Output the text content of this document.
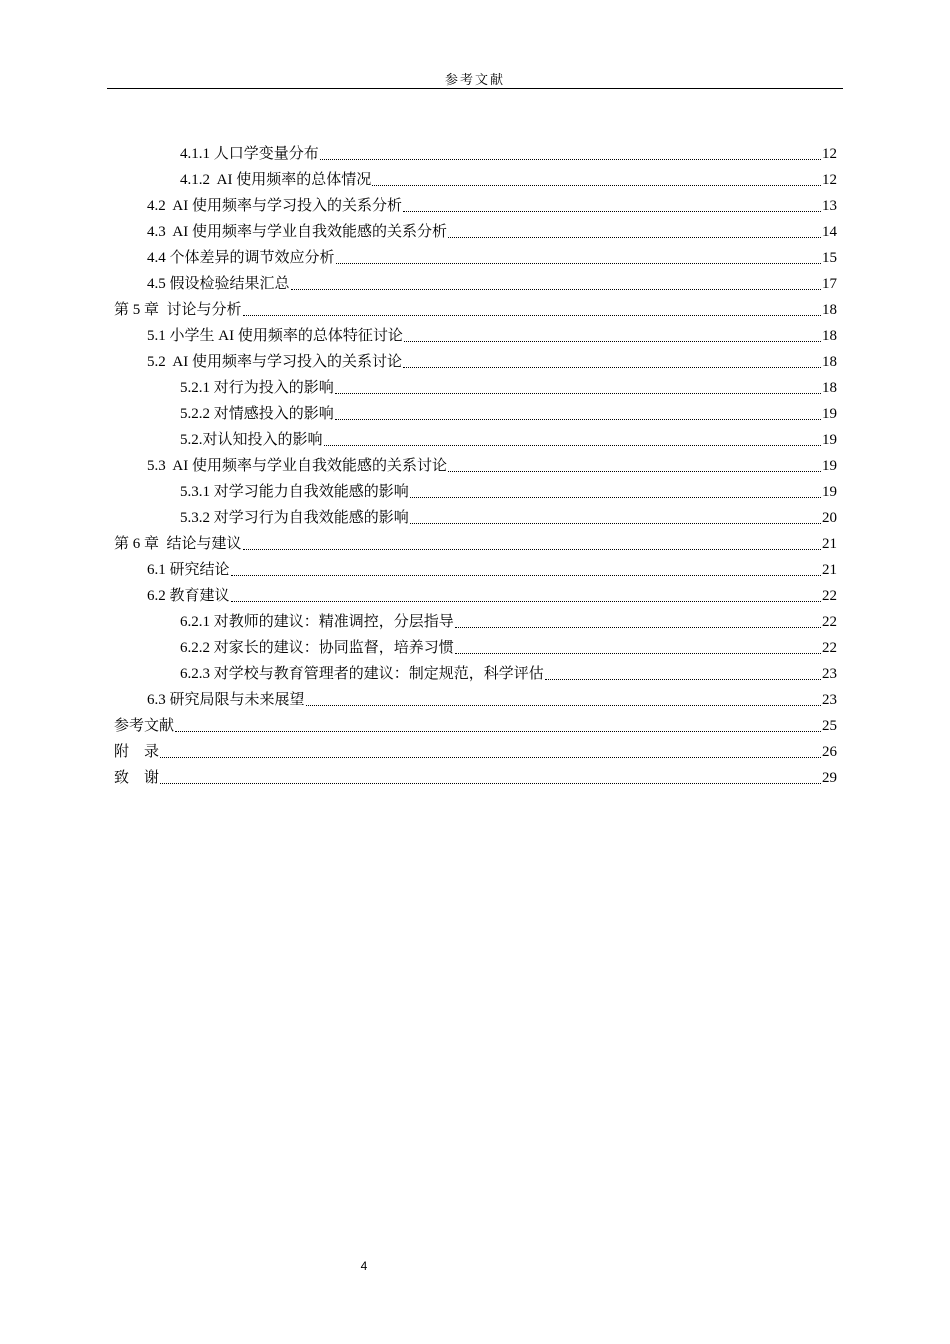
参考文献
4.1.1 人口学变量分布	12
4.1.2  AI 使用频率的总体情况	12
4.2  AI 使用频率与学习投入的关系分析	13
4.3  AI 使用频率与学业自我效能感的关系分析	14
4.4 个体差异的调节效应分析	15
4.5 假设检验结果汇总	17
第 5 章  讨论与分析	18
5.1 小学生 AI 使用频率的总体特征讨论	18
5.2  AI 使用频率与学习投入的关系讨论	18
5.2.1 对行为投入的影响	18
5.2.2 对情感投入的影响	19
5.2.对认知投入的影响	19
5.3  AI 使用频率与学业自我效能感的关系讨论	19
5.3.1 对学习能力自我效能感的影响	19
5.3.2 对学习行为自我效能感的影响	20
第 6 章  结论与建议	21
6.1 研究结论	21
6.2 教育建议	22
6.2.1 对教师的建议：精准调控，分层指导	22
6.2.2 对家长的建议：协同监督，培养习惯	22
6.2.3 对学校与教育管理者的建议：制定规范，科学评估	23
6.3 研究局限与未来展望	23
参考文献	25
附    录	26
致    谢	29
4
